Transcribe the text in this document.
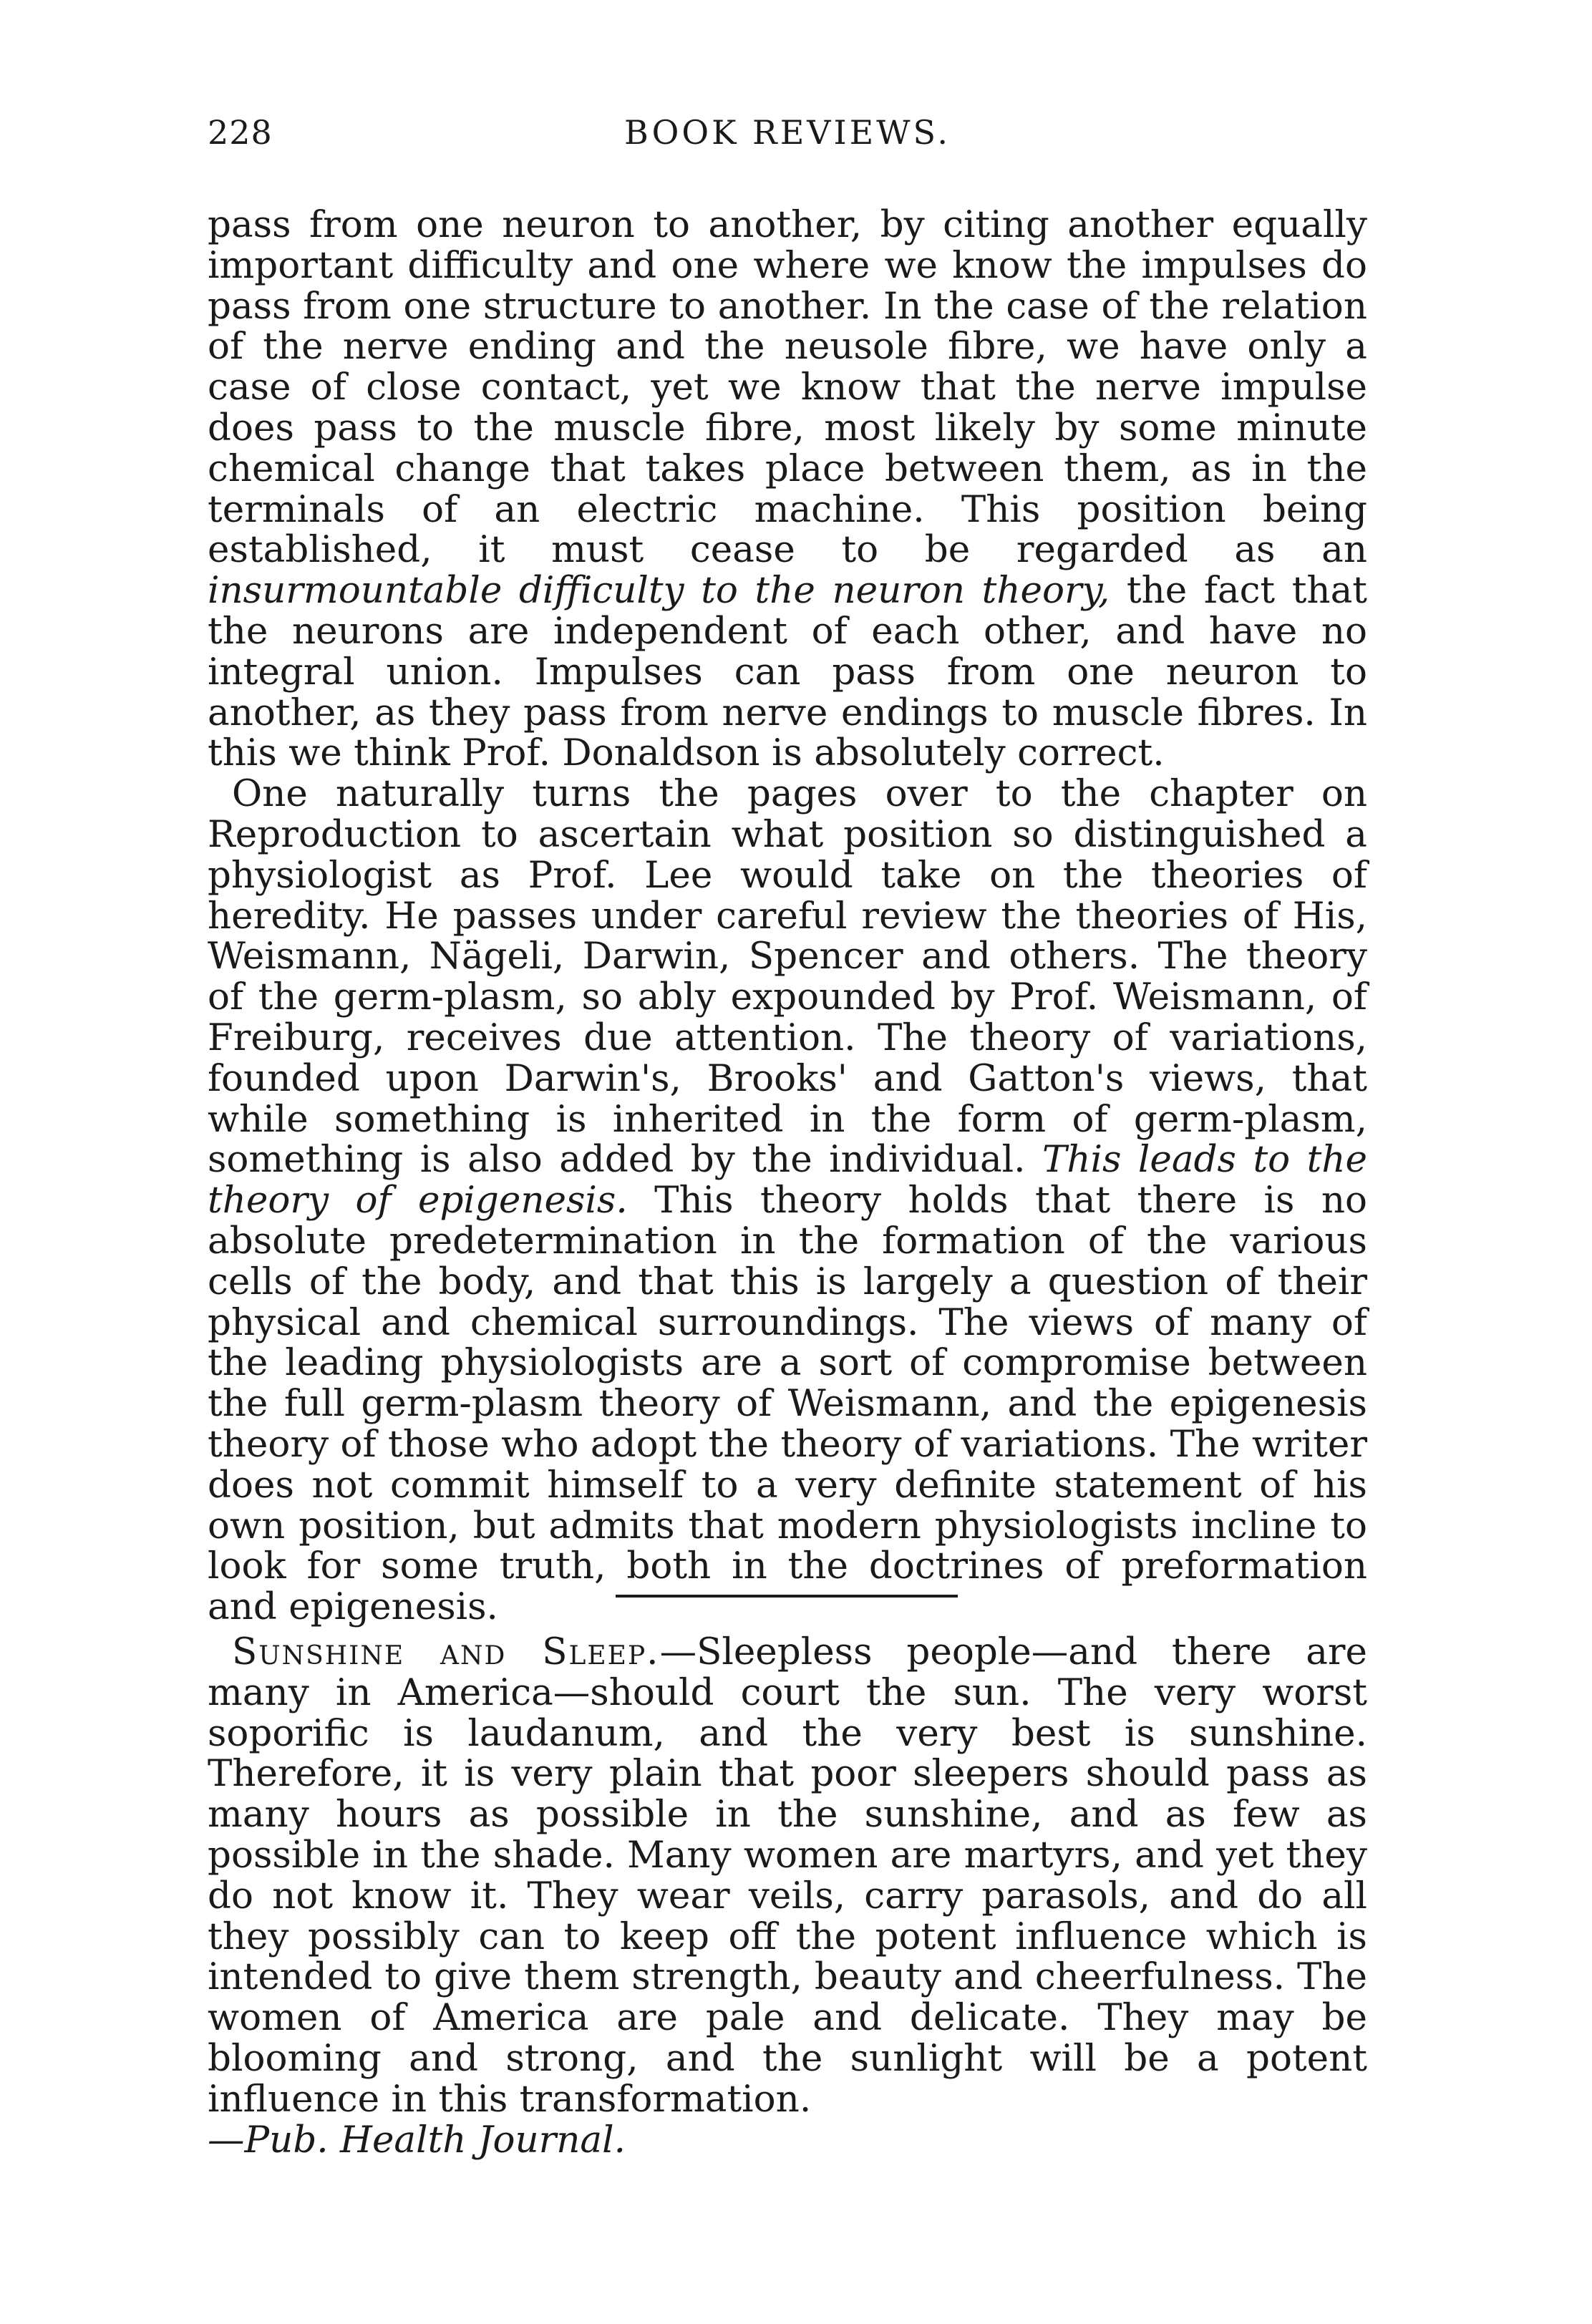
228	BOOK REVIEWS.

pass from one neuron to another, by citing another equally important difficulty and one where we know the impulses do pass from one structure to another. In the case of the relation of the nerve ending and the neusole fibre, we have only a case of close contact, yet we know that the nerve impulse does pass to the muscle fibre, most likely by some minute chemical change that takes place between them, as in the terminals of an electric machine. This position being established, it must cease to be regarded as an insurmountable difficulty to the neuron theory, the fact that the neurons are independent of each other, and have no integral union. Impulses can pass from one neuron to another, as they pass from nerve endings to muscle fibres. In this we think Prof. Donaldson is absolutely correct.

One naturally turns the pages over to the chapter on Reproduction to ascertain what position so distinguished a physiologist as Prof. Lee would take on the theories of heredity. He passes under careful review the theories of His, Weismann, Nägeli, Darwin, Spencer and others. The theory of the germ-plasm, so ably expounded by Prof. Weismann, of Freiburg, receives due attention. The theory of variations, founded upon Darwin's, Brooks' and Gatton's views, that while something is inherited in the form of germ-plasm, something is also added by the individual. This leads to the theory of epigenesis. This theory holds that there is no absolute predetermination in the formation of the various cells of the body, and that this is largely a question of their physical and chemical surroundings. The views of many of the leading physiologists are a sort of compromise between the full germ-plasm theory of Weismann, and the epigenesis theory of those who adopt the theory of variations. The writer does not commit himself to a very definite statement of his own position, but admits that modern physiologists incline to look for some truth, both in the doctrines of preformation and epigenesis.

Sunshine and Sleep.—Sleepless people—and there are many in America—should court the sun. The very worst soporific is laudanum, and the very best is sunshine. Therefore, it is very plain that poor sleepers should pass as many hours as possible in the sunshine, and as few as possible in the shade. Many women are martyrs, and yet they do not know it. They wear veils, carry parasols, and do all they possibly can to keep off the potent influence which is intended to give them strength, beauty and cheerfulness. The women of America are pale and delicate. They may be blooming and strong, and the sunlight will be a potent influence in this transformation.
—Pub. Health Journal.
